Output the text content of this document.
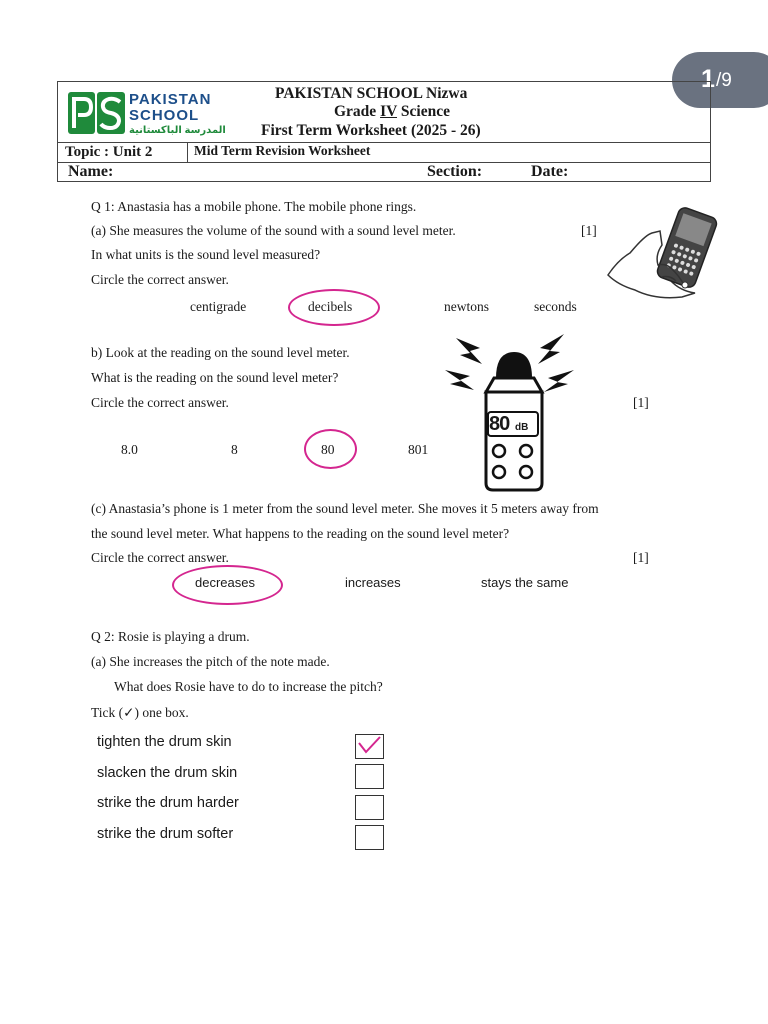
1 /9
PAKISTAN
SCHOOL
المدرسة الباكستانية
PAKISTAN SCHOOL Nizwa
Grade IV Science
First Term Worksheet (2025 - 26)
Topic : Unit 2	Mid Term Revision Worksheet
Name:	Section:	Date:
Q 1: Anastasia has a mobile phone. The mobile phone rings.
(a) She measures the volume of the sound with a sound level meter.	[1]
In what units is the sound level measured?
Circle the correct answer.
centigrade	decibels	newtons	seconds
b) Look at the reading on the sound level meter.
What is the reading on the sound level meter?
Circle the correct answer.	[1]
8.0	8	80	801
80 dB
(c) Anastasia’s phone is 1 meter from the sound level meter. She moves it 5 meters away from
the sound level meter. What happens to the reading on the sound level meter?
Circle the correct answer.	[1]
decreases	increases	stays the same
Q 2: Rosie is playing a drum.
(a) She increases the pitch of the note made.
What does Rosie have to do to increase the pitch?
Tick (✓) one box.
tighten the drum skin
slacken the drum skin
strike the drum harder
strike the drum softer
